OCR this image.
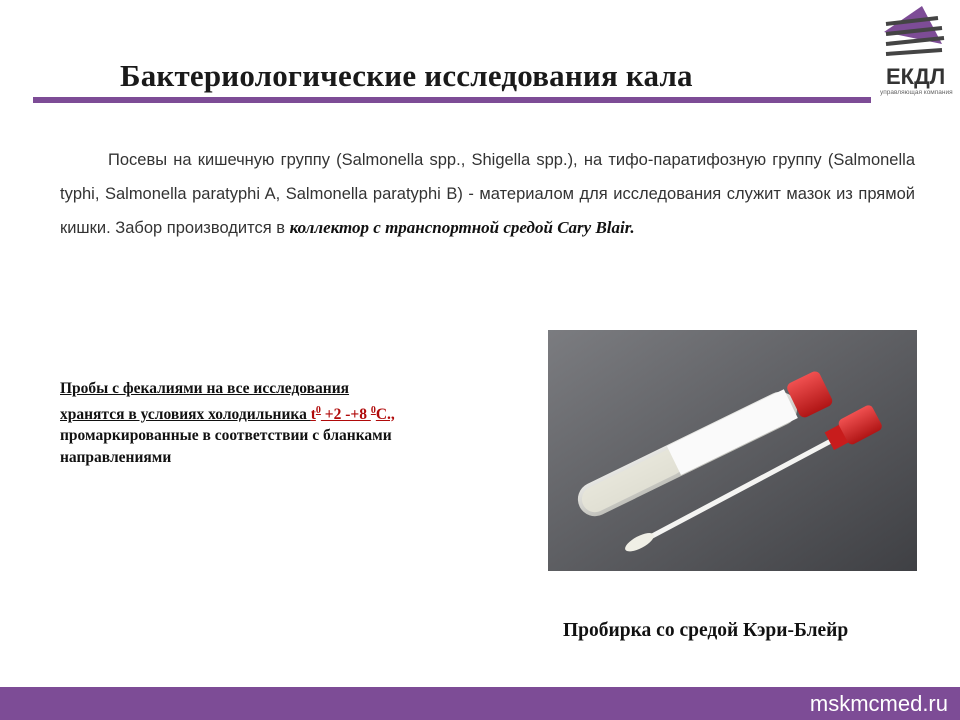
Бактериологические исследования кала	ЕКДЛ
управляющая компания
Посевы на кишечную группу (Salmonella spp., Shigella spp.), на тифо-паратифозную группу (Salmonella typhi, Salmonella paratyphi A, Salmonella paratyphi B) - материалом для исследования служит мазок из прямой кишки. Забор производится в коллектор с транспортной средой Cary Blair.
Пробы с фекалиями на все исследования
хранятся в условиях холодильника $t^0 +2$ -+8 $^0$С.,
промаркированные в соответствии с бланками направлениями
Пробирка со средой Кэри-Блейр
mskmcmed.ru
